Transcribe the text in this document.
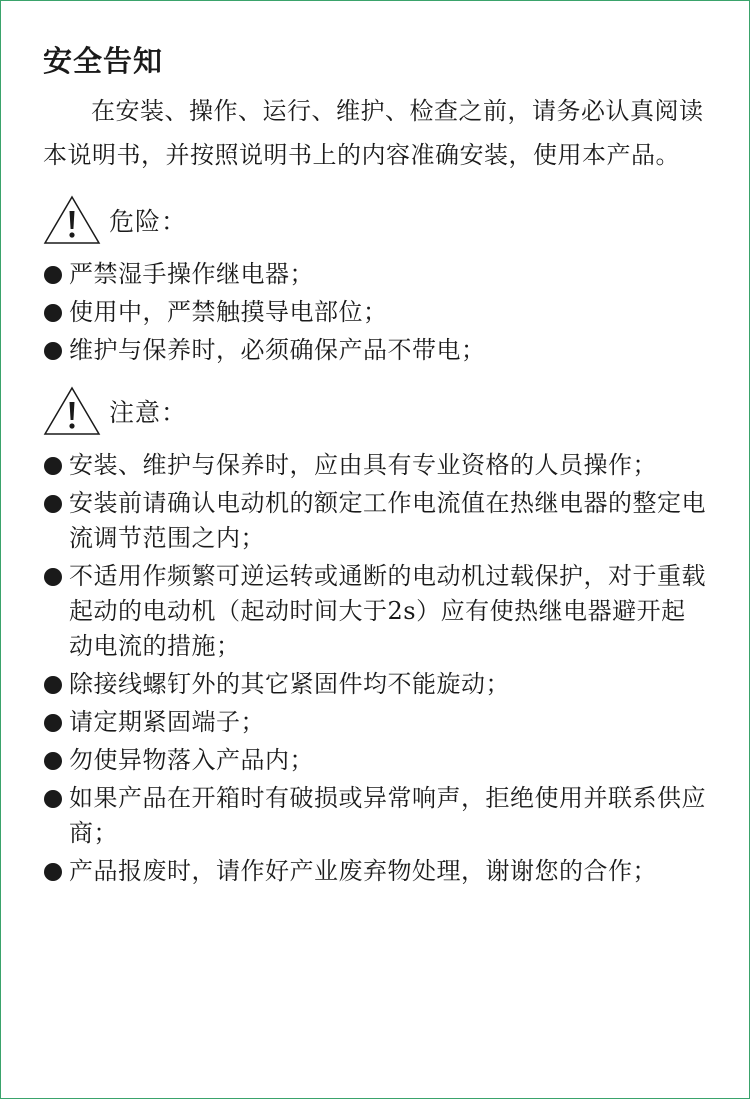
安全告知

在安装、操作、运行、维护、检查之前，请务必认真阅读本说明书，并按照说明书上的内容准确安装，使用本产品。

危险：
严禁湿手操作继电器；
使用中，严禁触摸导电部位；
维护与保养时，必须确保产品不带电；
注意：
安装、维护与保养时，应由具有专业资格的人员操作；
安装前请确认电动机的额定工作电流值在热继电器的整定电流调节范围之内；
不适用作频繁可逆运转或通断的电动机过载保护，对于重载起动的电动机（起动时间大于2s）应有使热继电器避开起动电流的措施；
除接线螺钉外的其它紧固件均不能旋动；
请定期紧固端子；
勿使异物落入产品内；
如果产品在开箱时有破损或异常响声，拒绝使用并联系供应商；
产品报废时，请作好产业废弃物处理，谢谢您的合作；
